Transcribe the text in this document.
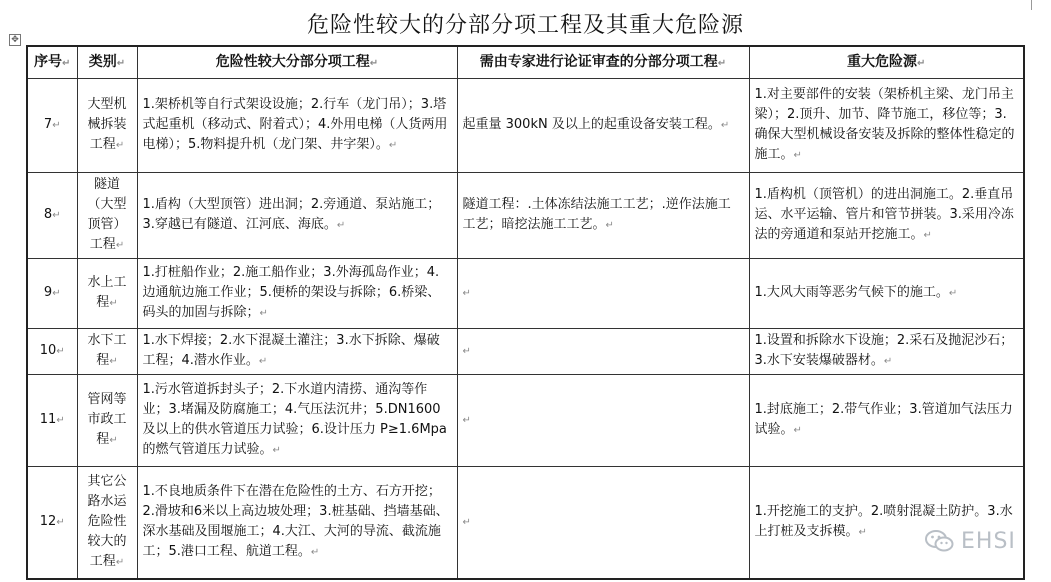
危险性较大的分部分项工程及其重大危险源
✥
序号↵	类别↵	危险性较大分部分项工程↵	需由专家进行论证审查的分部分项工程↵	重大危险源↵
7↵	大型机械拆装工程↵	1.架桥机等自行式架设设施；2.行车（龙门吊）；3.塔式起重机（移动式、附着式）；4.外用电梯（人货两用电梯）；5.物料提升机（龙门架、井字架）。↵	起重量 300kN 及以上的起重设备安装工程。↵	1.对主要部件的安装（架桥机主梁、龙门吊主梁）；2.顶升、加节、降节施工，移位等；3.确保大型机械设备安装及拆除的整体性稳定的施工。↵
8↵	隧道（大型顶管）工程↵	1.盾构（大型顶管）进出洞；2.旁通道、泵站施工；3.穿越已有隧道、江河底、海底。↵	隧道工程：.土体冻结法施工工艺；.逆作法施工工艺；暗挖法施工工艺。↵	1.盾构机（顶管机）的进出洞施工。2.垂直吊运、水平运输、管片和管节拼装。3.采用冷冻法的旁通道和泵站开挖施工。↵
9↵	水上工程↵	1.打桩船作业；2.施工船作业；3.外海孤岛作业；4.边通航边施工作业；5.便桥的架设与拆除；6.桥梁、码头的加固与拆除；↵	↵	1.大风大雨等恶劣气候下的施工。↵
10↵	水下工程↵	1.水下焊接；2.水下混凝土灌注；3.水下拆除、爆破工程；4.潜水作业。↵	↵	1.设置和拆除水下设施；2.采石及抛泥沙石；3.水下安装爆破器材。↵
11↵	管网等市政工程↵	1.污水管道拆封头子；2.下水道内清捞、通沟等作业；3.堵漏及防腐施工；4.气压法沉井；5.DN1600及以上的供水管道压力试验；6.设计压力 P≥1.6Mpa 的燃气管道压力试验。↵	↵	1.封底施工；2.带气作业；3.管道加气法压力试验。↵
12↵	其它公路水运危险性较大的工程↵	1.不良地质条件下在潜在危险性的土方、石方开挖；2.滑坡和6米以上高边坡处理；3.桩基础、挡墙基础、深水基础及围堰施工；4.大江、大河的导流、截流施工；5.港口工程、航道工程。↵	↵	1.开挖施工的支护。2.喷射混凝土防护。3.水上打桩及支拆模。↵	EHSI
